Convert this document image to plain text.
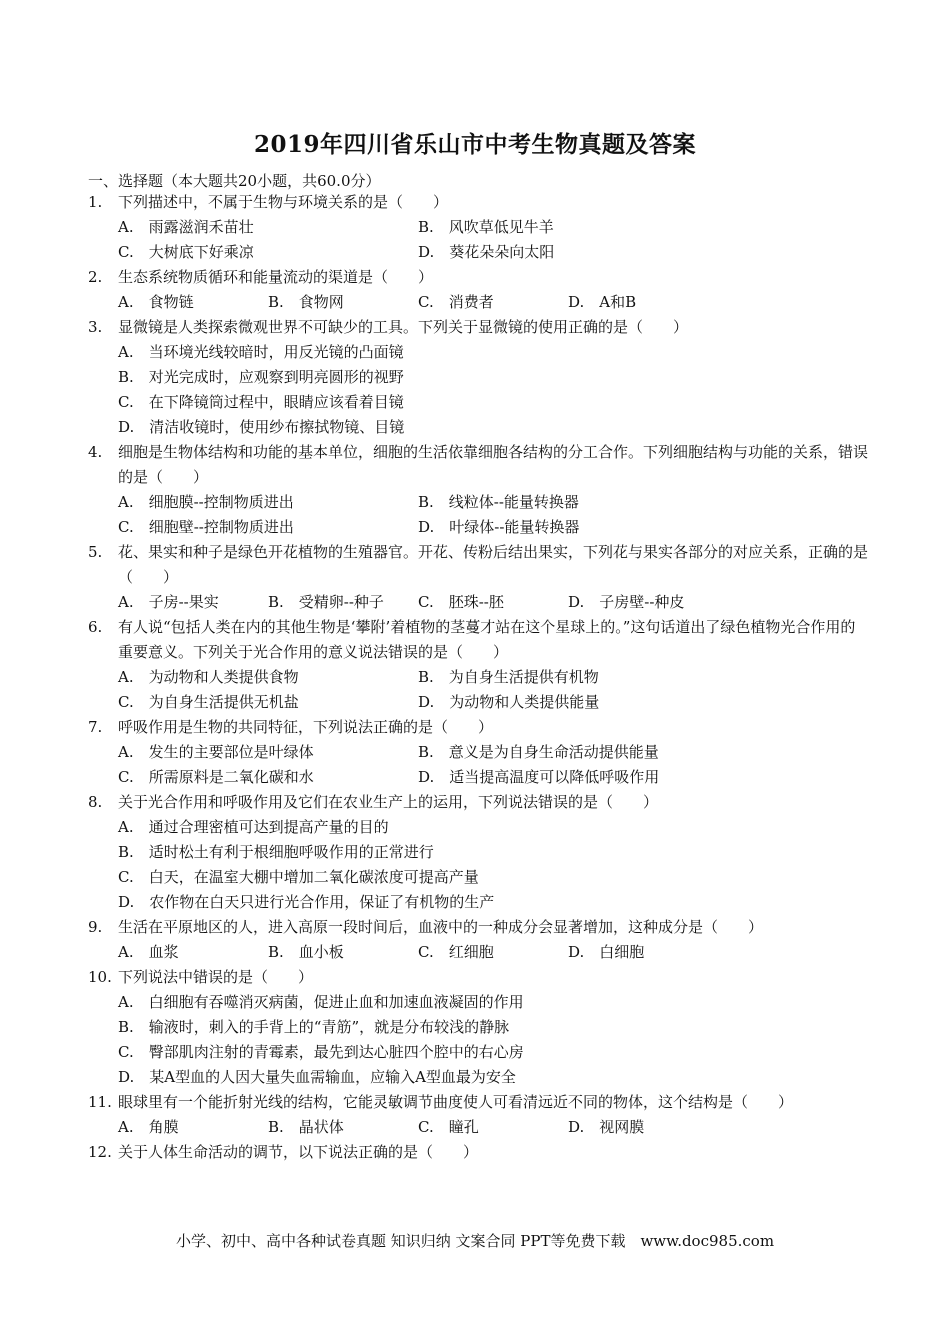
2019年四川省乐山市中考生物真题及答案
一、选择题（本大题共20小题，共60.0分）
1.	下列描述中，不属于生物与环境关系的是（　　）
A.　雨露滋润禾苗壮	B.　风吹草低见牛羊
C.　大树底下好乘凉	D.　葵花朵朵向太阳
2.	生态系统物质循环和能量流动的渠道是（　　）
A.　食物链	B.　食物网	C.　消费者	D.　A和B
3.	显微镜是人类探索微观世界不可缺少的工具。下列关于显微镜的使用正确的是（　　）
A.　当环境光线较暗时，用反光镜的凸面镜
B.　对光完成时，应观察到明亮圆形的视野
C.　在下降镜筒过程中，眼睛应该看着目镜
D.　清洁收镜时，使用纱布擦拭物镜、目镜
4.	细胞是生物体结构和功能的基本单位，细胞的生活依靠细胞各结构的分工合作。下列细胞结构与功能的关系，错误的是（　　）
A.　细胞膜--控制物质进出	B.　线粒体--能量转换器
C.　细胞壁--控制物质进出	D.　叶绿体--能量转换器
5.	花、果实和种子是绿色开花植物的生殖器官。开花、传粉后结出果实，下列花与果实各部分的对应关系，正确的是（　　）
A.　子房--果实	B.　受精卵--种子	C.　胚珠--胚	D.　子房壁--种皮
6.	有人说“包括人类在内的其他生物是‘攀附’着植物的茎蔓才站在这个星球上的。”这句话道出了绿色植物光合作用的重要意义。下列关于光合作用的意义说法错误的是（　　）
A.　为动物和人类提供食物	B.　为自身生活提供有机物
C.　为自身生活提供无机盐	D.　为动物和人类提供能量
7.	呼吸作用是生物的共同特征，下列说法正确的是（　　）
A.　发生的主要部位是叶绿体	B.　意义是为自身生命活动提供能量
C.　所需原料是二氧化碳和水	D.　适当提高温度可以降低呼吸作用
8.	关于光合作用和呼吸作用及它们在农业生产上的运用，下列说法错误的是（　　）
A.　通过合理密植可达到提高产量的目的
B.　适时松土有利于根细胞呼吸作用的正常进行
C.　白天，在温室大棚中增加二氧化碳浓度可提高产量
D.　农作物在白天只进行光合作用，保证了有机物的生产
9.	生活在平原地区的人，进入高原一段时间后，血液中的一种成分会显著增加，这种成分是（　　）
A.　血浆	B.　血小板	C.　红细胞	D.　白细胞
10. 下列说法中错误的是（　　）
A.　白细胞有吞噬消灭病菌，促进止血和加速血液凝固的作用
B.　输液时，刺入的手背上的“青筋”，就是分布较浅的静脉
C.　臀部肌肉注射的青霉素，最先到达心脏四个腔中的右心房
D.　某A型血的人因大量失血需输血，应输入A型血最为安全
11. 眼球里有一个能折射光线的结构，它能灵敏调节曲度使人可看清远近不同的物体，这个结构是（　　）
A.　角膜	B.　晶状体	C.　瞳孔	D.　视网膜
12. 关于人体生命活动的调节，以下说法正确的是（　　）
小学、初中、高中各种试卷真题 知识归纳 文案合同 PPT等免费下载　www.doc985.com
